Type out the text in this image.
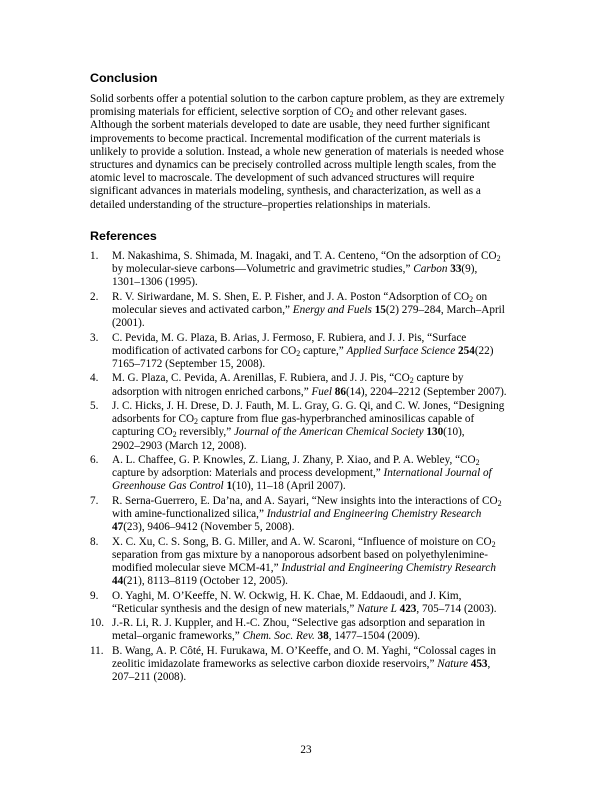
Conclusion

Solid sorbents offer a potential solution to the carbon capture problem, as they are extremely
promising materials for efficient, selective sorption of $CO_2$ and other relevant gases.
Although the sorbent materials developed to date are usable, they need further significant
improvements to become practical. Incremental modification of the current materials is
unlikely to provide a solution. Instead, a whole new generation of materials is needed whose
structures and dynamics can be precisely controlled across multiple length scales, from the
atomic level to macroscale. The development of such advanced structures will require
significant advances in materials modeling, synthesis, and characterization, as well as a
detailed understanding of the structure–properties relationships in materials.

References
1. M. Nakashima, S. Shimada, M. Inagaki, and T. A. Centeno, “On the adsorption of $CO_2$
by molecular-sieve carbons—Volumetric and gravimetric studies,” Carbon 33(9),
1301–1306 (1995).
2. R. V. Siriwardane, M. S. Shen, E. P. Fisher, and J. A. Poston “Adsorption of $CO_2$ on
molecular sieves and activated carbon,” Energy and Fuels 15(2) 279–284, March–April
(2001).
3. C. Pevida, M. G. Plaza, B. Arias, J. Fermoso, F. Rubiera, and J. J. Pis, “Surface
modification of activated carbons for $CO_2$ capture,” Applied Surface Science 254(22)
7165–7172 (September 15, 2008).
4. M. G. Plaza, C. Pevida, A. Arenillas, F. Rubiera, and J. J. Pis, “$CO_2$ capture by
adsorption with nitrogen enriched carbons,” Fuel 86(14), 2204–2212 (September 2007).
5. J. C. Hicks, J. H. Drese, D. J. Fauth, M. L. Gray, G. G. Qi, and C. W. Jones, “Designing
adsorbents for $CO_2$ capture from flue gas-hyperbranched aminosilicas capable of
capturing $CO_2$ reversibly,” Journal of the American Chemical Society 130(10),
2902–2903 (March 12, 2008).
6. A. L. Chaffee, G. P. Knowles, Z. Liang, J. Zhany, P. Xiao, and P. A. Webley, “$CO_2$
capture by adsorption: Materials and process development,” International Journal of
Greenhouse Gas Control 1(10), 11–18 (April 2007).
7. R. Serna-Guerrero, E. Da’na, and A. Sayari, “New insights into the interactions of $CO_2$
with amine-functionalized silica,” Industrial and Engineering Chemistry Research
47(23), 9406–9412 (November 5, 2008).
8. X. C. Xu, C. S. Song, B. G. Miller, and A. W. Scaroni, “Influence of moisture on $CO_2$
separation from gas mixture by a nanoporous adsorbent based on polyethylenimine-
modified molecular sieve MCM-41,” Industrial and Engineering Chemistry Research
44(21), 8113–8119 (October 12, 2005).
9. O. Yaghi, M. O’Keeffe, N. W. Ockwig, H. K. Chae, M. Eddaoudi, and J. Kim,
“Reticular synthesis and the design of new materials,” Nature L 423, 705–714 (2003).
10. J.-R. Li, R. J. Kuppler, and H.-C. Zhou, “Selective gas adsorption and separation in
metal–organic frameworks,” Chem. Soc. Rev. 38, 1477–1504 (2009).
11. B. Wang, A. P. Côté, H. Furukawa, M. O’Keeffe, and O. M. Yaghi, “Colossal cages in
zeolitic imidazolate frameworks as selective carbon dioxide reservoirs,” Nature 453,
207–211 (2008).

23
